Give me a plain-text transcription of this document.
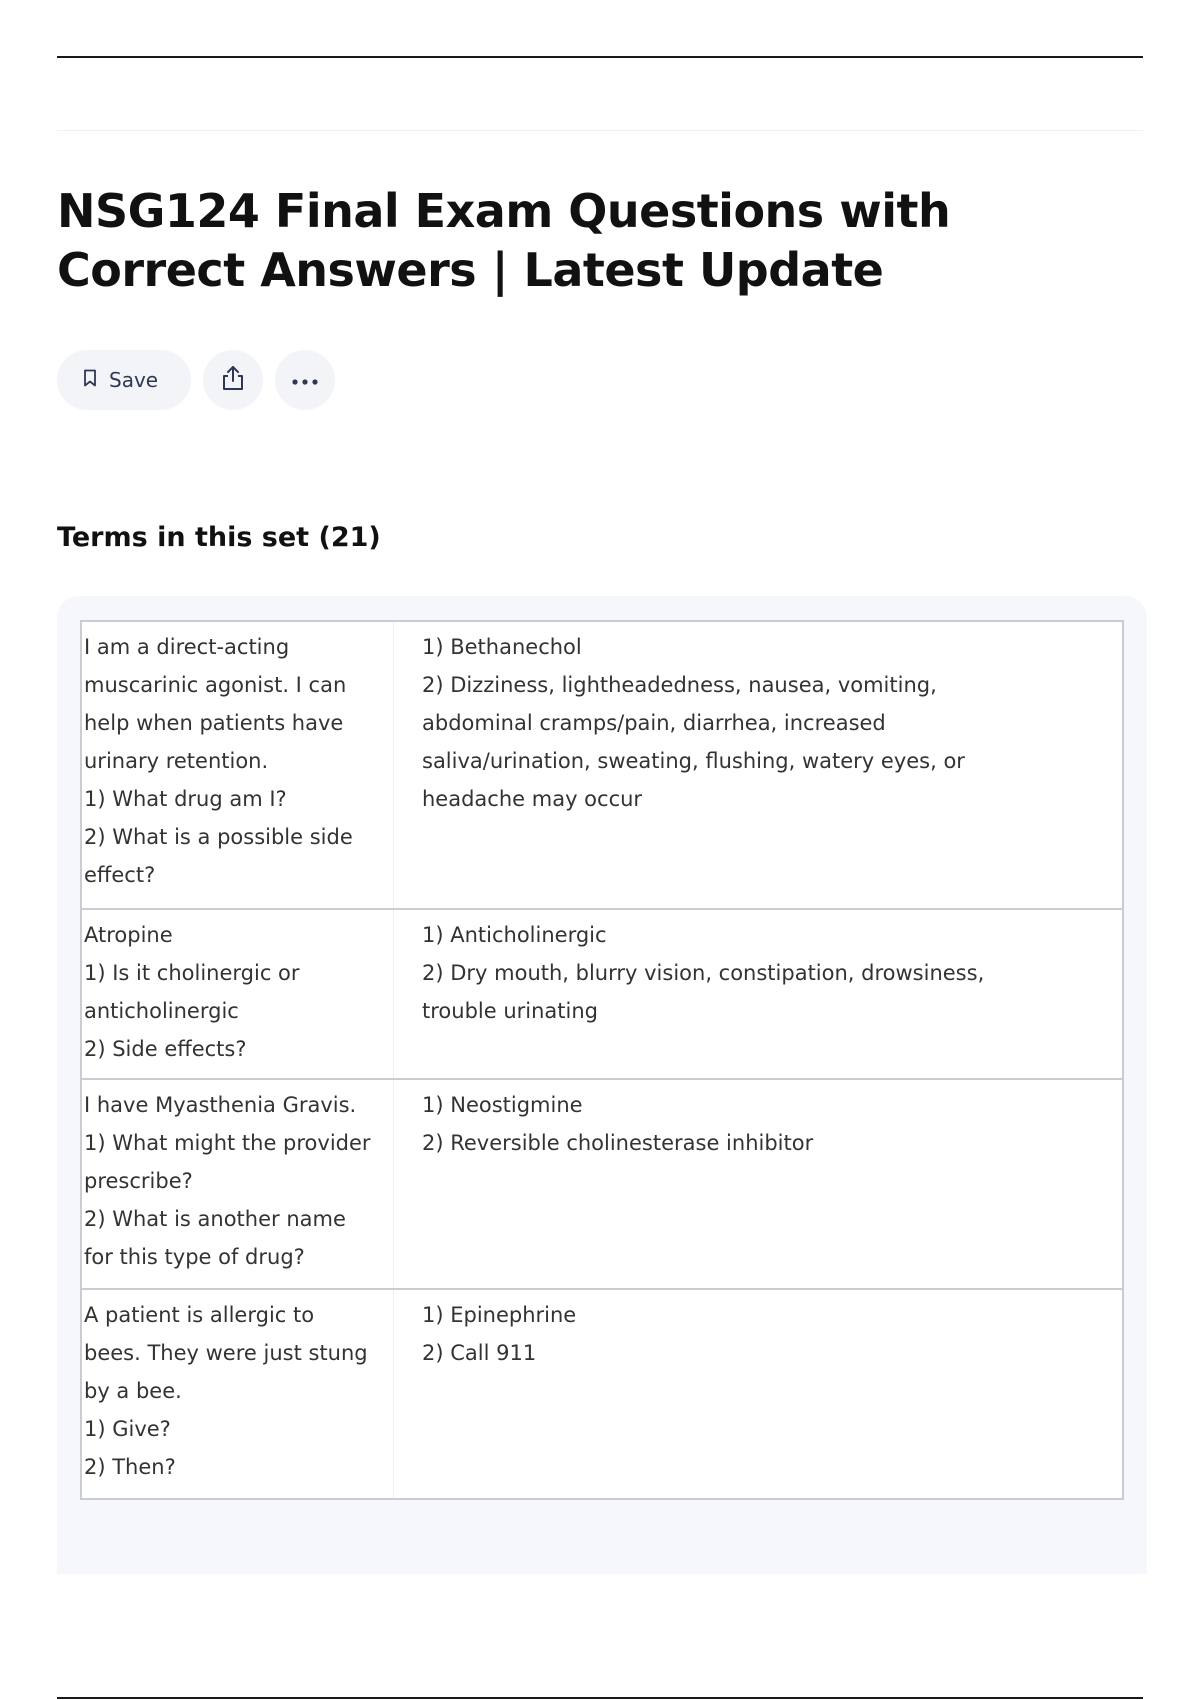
NSG124 Final Exam Questions with Correct Answers | Latest Update
Save
Terms in this set (21)
I am a direct-acting
muscarinic agonist. I can
help when patients have
urinary retention.
1) What drug am I?
2) What is a possible side
effect?
1) Bethanechol
2) Dizziness, lightheadedness, nausea, vomiting,
abdominal cramps/pain, diarrhea, increased
saliva/urination, sweating, flushing, watery eyes, or
headache may occur
Atropine
1) Is it cholinergic or
anticholinergic
2) Side effects?
1) Anticholinergic
2) Dry mouth, blurry vision, constipation, drowsiness,
trouble urinating
I have Myasthenia Gravis.
1) What might the provider
prescribe?
2) What is another name
for this type of drug?
1) Neostigmine
2) Reversible cholinesterase inhibitor
A patient is allergic to
bees. They were just stung
by a bee.
1) Give?
2) Then?
1) Epinephrine
2) Call 911
